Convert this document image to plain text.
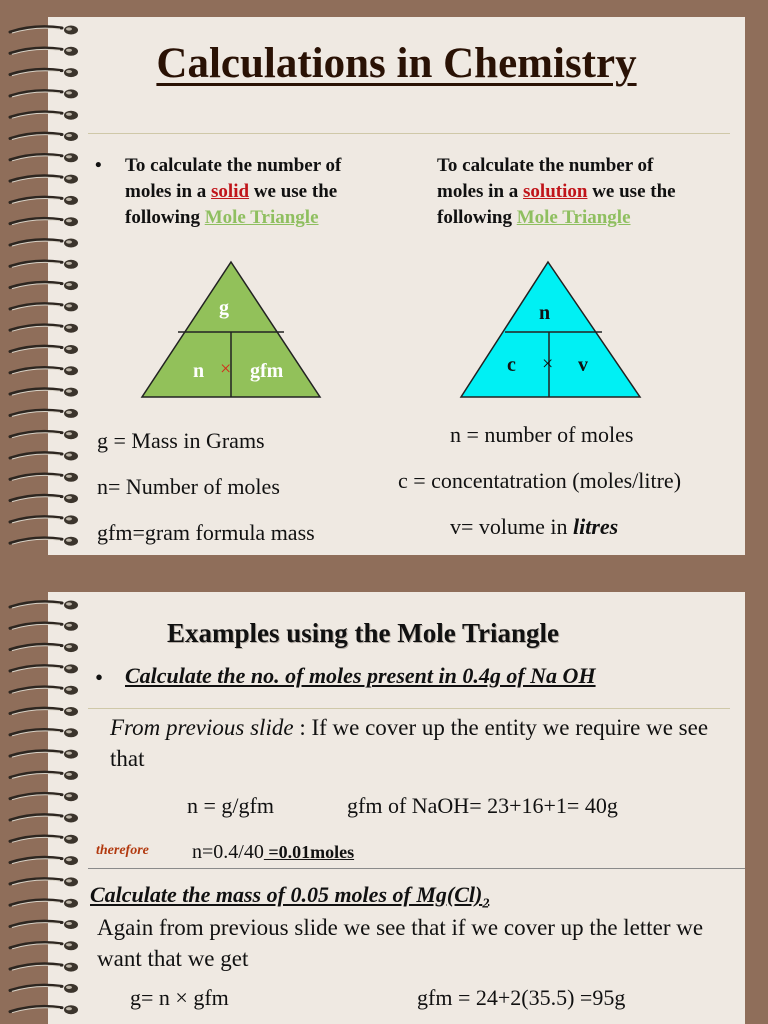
Calculations in Chemistry
• To calculate the number of
moles in a solid we use the
following Mole Triangle
To calculate the number of
moles in a solution we use the
following Mole Triangle
g
n × gfm
n
c × v
g = Mass in Grams
n= Number of moles
gfm=gram formula mass
n = number of moles
c = concentatration (moles/litre)
v= volume in litres
Examples using the Mole Triangle
• Calculate the no. of moles present in 0.4g of Na OH
From previous slide : If we cover up the entity we require we see that
n = g/gfm	gfm of NaOH= 23+16+1= 40g
therefore n=0.4/40 =0.01moles
Calculate the mass of 0.05 moles of $Mg(Cl)_2$
Again from previous slide we see that if we cover up the letter we want that we get
g= n × gfm	gfm = 24+2(35.5) =95g
